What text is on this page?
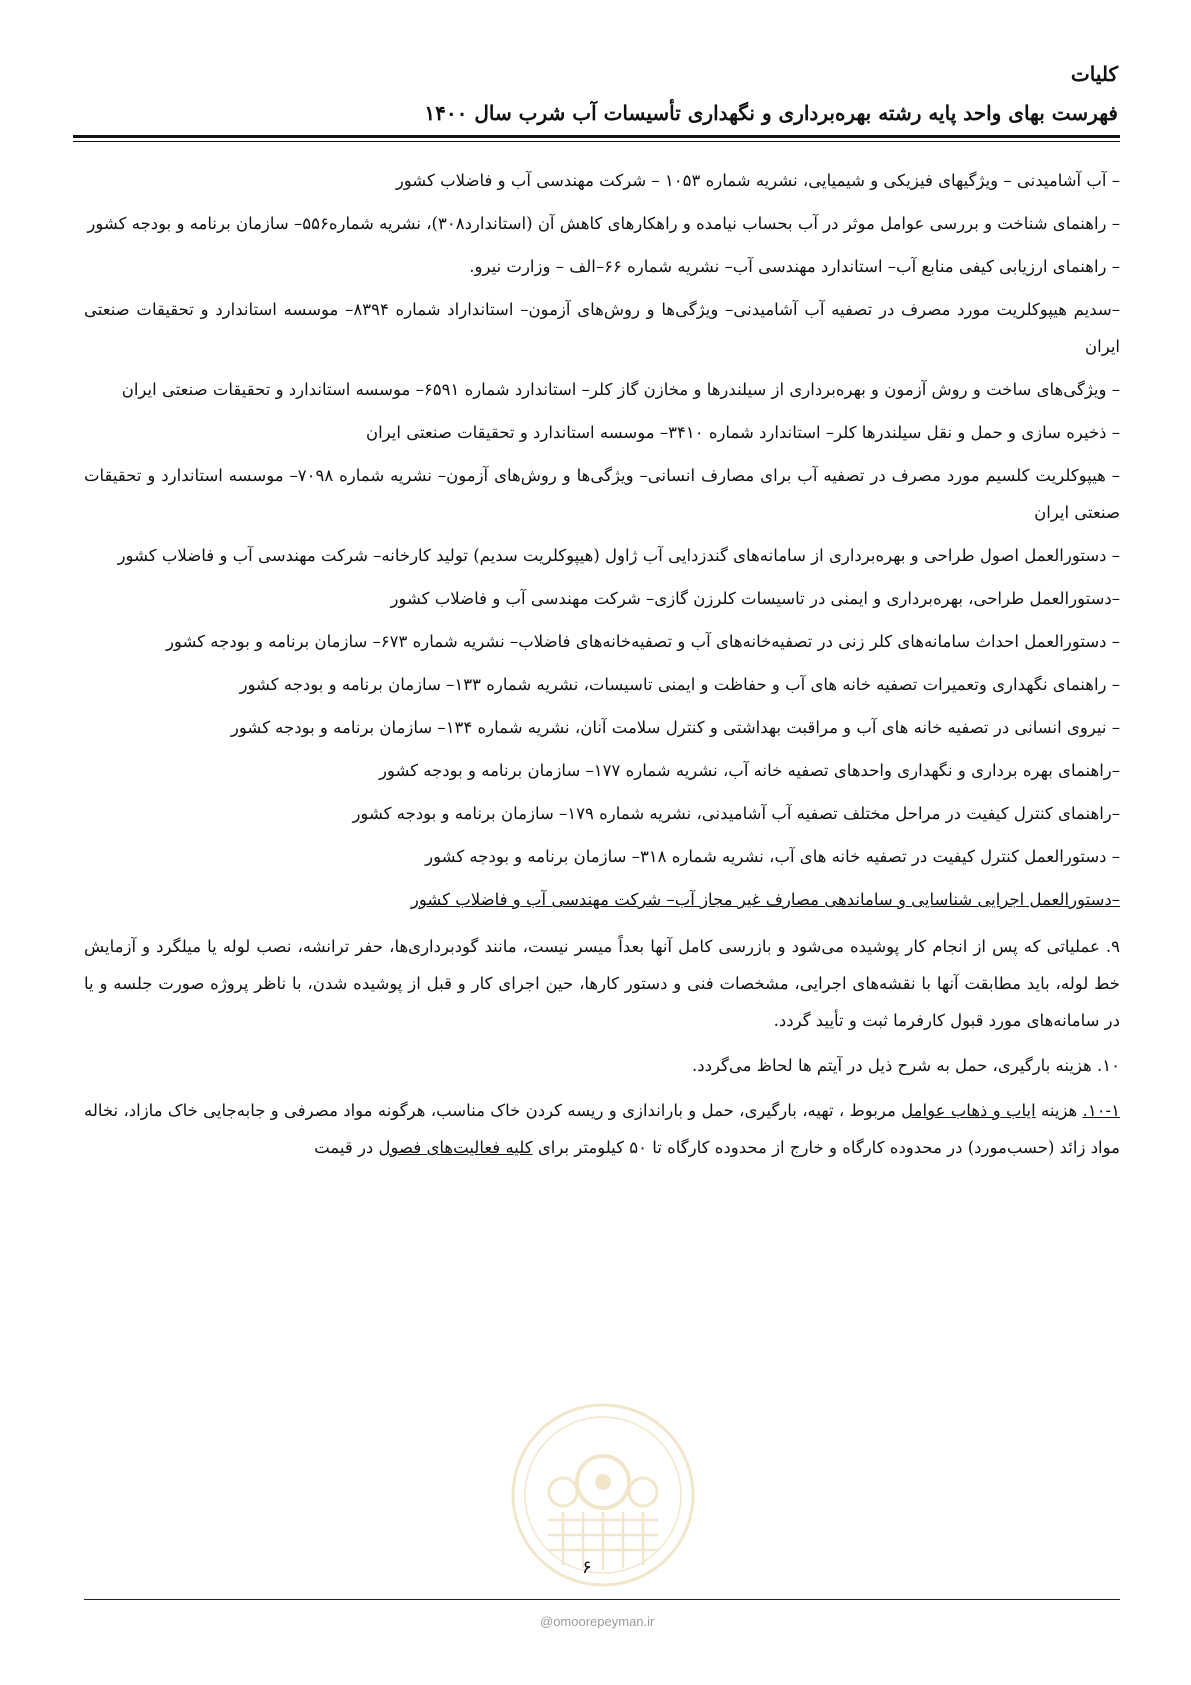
کلیات
فهرست بهای واحد پایه رشته بهره‌برداری و نگهداری تأسیسات آب شرب سال ۱۴۰۰

– آب آشامیدنی – ویژگیهای فیزیکی و شیمیایی، نشریه شماره ۱۰۵۳ – شرکت مهندسی آب و فاضلاب کشور

– راهنمای شناخت و بررسی عوامل موثر در آب بحساب نیامده و راهکارهای کاهش آن (استاندارد۳۰۸)، نشریه شماره۵۵۶– سازمان برنامه و بودجه کشور

– راهنمای ارزیابی کیفی منابع آب– استاندارد مهندسی آب– نشریه شماره ۶۶–الف – وزارت نیرو.

–سدیم هیپوکلریت مورد مصرف در تصفیه آب آشامیدنی– ویژگی‌ها و روش‌های آزمون– استانداراد شماره ۸۳۹۴– موسسه استاندارد و تحقیقات صنعتی ایران

– ویژگی‌های ساخت و روش آزمون و بهره‌برداری از سیلندرها و مخازن گاز کلر– استاندارد شماره ۶۵۹۱– موسسه استاندارد و تحقیقات صنعتی ایران

– ذخیره سازی و حمل و نقل سیلندرها کلر– استاندارد شماره ۳۴۱۰– موسسه استاندارد و تحقیقات صنعتی ایران

– هیپوکلریت کلسیم مورد مصرف در تصفیه آب برای مصارف انسانی– ویژگی‌ها و روش‌های آزمون– نشریه شماره ۷۰۹۸– موسسه استاندارد و تحقیقات صنعتی ایران

– دستورالعمل اصول طراحی و بهره‌برداری از سامانه‌های گندزدایی آب ژاول (هیپوکلریت سدیم) تولید کارخانه– شرکت مهندسی آب و فاضلاب کشور

–دستورالعمل طراحی، بهره‌برداری و ایمنی در تاسیسات کلرزن گازی– شرکت مهندسی آب و فاضلاب کشور

– دستورالعمل احداث سامانه‌های کلر زنی در تصفیه‌خانه‌های آب و تصفیه‌خانه‌های فاضلاب– نشریه شماره ۶۷۳– سازمان برنامه و بودجه کشور

– راهنمای نگهداری وتعمیرات تصفیه خانه های آب و حفاظت و ایمنی تاسیسات، نشریه شماره ۱۳۳– سازمان برنامه و بودجه کشور

– نیروی انسانی در تصفیه خانه های آب و مراقبت بهداشتی و کنترل سلامت آنان، نشریه شماره ۱۳۴– سازمان برنامه و بودجه کشور

–راهنمای بهره برداری و نگهداری واحدهای تصفیه خانه آب، نشریه شماره ۱۷۷– سازمان برنامه و بودجه کشور

–راهنمای کنترل کیفیت در مراحل مختلف تصفیه آب آشامیدنی، نشریه شماره ۱۷۹– سازمان برنامه و بودجه کشور

– دستورالعمل کنترل کیفیت در تصفیه خانه های آب، نشریه شماره ۳۱۸– سازمان برنامه و بودجه کشور

–دستورالعمل اجرایی شناسایی و ساماندهی مصارف غیر مجاز آب– شرکت مهندسی آب و فاضلاب کشور

۹. عملیاتی که پس از انجام کار پوشیده می‌شود و بازرسی کامل آنها بعداً میسر نیست، مانند گودبرداری‌ها، حفر ترانشه، نصب لوله یا میلگرد و آزمایش خط لوله، باید مطابقت آنها با نقشه‌های اجرایی، مشخصات فنی و دستور کارها، حین اجرای کار و قبل از پوشیده شدن، با ناظر پروژه صورت جلسه و یا در سامانه‌های مورد قبول کارفرما ثبت و تأیید گردد.

۱۰. هزینه بارگیری، حمل به شرح ذیل در آیتم ها لحاظ می‌گردد.

۱۰-۱. هزینه ایاب و ذهاب عوامل مربوط ، تهیه، بارگیری، حمل و باراندازی و ریسه کردن خاک مناسب، هرگونه مواد مصرفی و جابه‌جایی خاک مازاد، نخاله مواد زائد (حسب‌مورد) در محدوده کارگاه و خارج از محدوده کارگاه تا ۵۰ کیلومتر برای کلیه فعالیت‌های فصول در قیمت

۶
@omoorepeyman.ir
